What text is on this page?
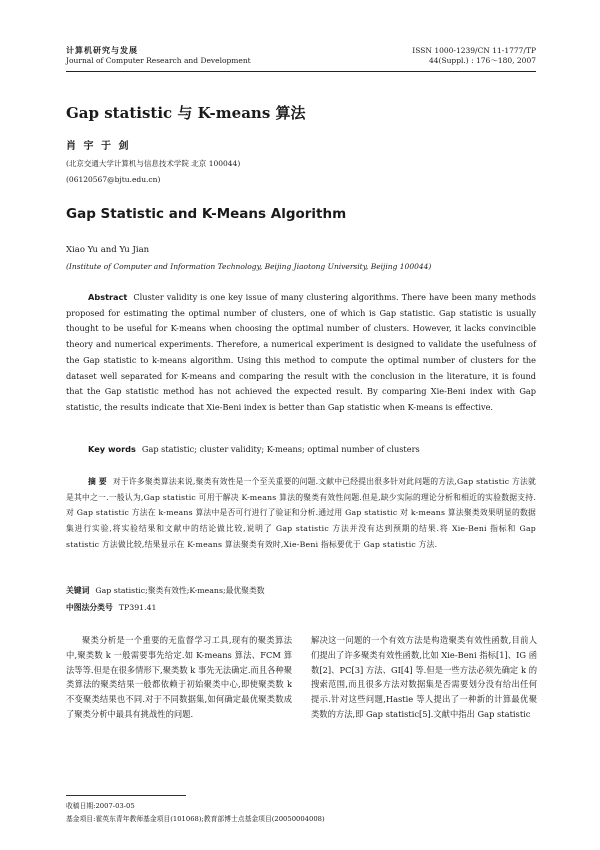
计算机研究与发展
Journal of Computer Research and Development
ISSN 1000-1239/CN 11-1777/TP
44(Suppl.) : 176～180, 2007
Gap statistic 与 K-means 算法
肖 宇 于 剑
(北京交通大学计算机与信息技术学院 北京 100044)
(06120567@bjtu.edu.cn)
Gap Statistic and K-Means Algorithm
Xiao Yu and Yu Jian
(Institute of Computer and Information Technology, Beijing Jiaotong University, Beijing 100044)
Abstract Cluster validity is one key issue of many clustering algorithms. There have been many methods proposed for estimating the optimal number of clusters, one of which is Gap statistic. Gap statistic is usually thought to be useful for K-means when choosing the optimal number of clusters. However, it lacks convincible theory and numerical experiments. Therefore, a numerical experiment is designed to validate the usefulness of the Gap statistic to k-means algorithm. Using this method to compute the optimal number of clusters for the dataset well separated for K-means and comparing the result with the conclusion in the literature, it is found that the Gap statistic method has not achieved the expected result. By comparing Xie-Beni index with Gap statistic, the results indicate that Xie-Beni index is better than Gap statistic when K-means is effective.
Key words Gap statistic; cluster validity; K-means; optimal number of clusters
摘 要 对于许多聚类算法来说,聚类有效性是一个至关重要的问题.文献中已经提出很多针对此问题的方法,Gap statistic 方法就是其中之一.一般认为,Gap statistic 可用于解决 K-means 算法的聚类有效性问题.但是,缺少实际的理论分析和相近的实验数据支持.对 Gap statistic 方法在 k-means 算法中是否可行进行了验证和分析.通过用 Gap statistic 对 k-means 算法聚类效果明显的数据集进行实验,将实验结果和文献中的结论做比较,说明了 Gap statistic 方法并没有达到预期的结果.将 Xie-Beni 指标和 Gap statistic 方法做比较,结果显示在 K-means 算法聚类有效时,Xie-Beni 指标要优于 Gap statistic 方法.
关键词 Gap statistic;聚类有效性;K-means;最优聚类数
中图法分类号 TP391.41
聚类分析是一个重要的无监督学习工具,现有的聚类算法中,聚类数 k 一般需要事先给定.如 K-means 算法、FCM 算法等等.但是在很多情形下,聚类数 k 事先无法确定.而且各种聚类算法的聚类结果一般都依赖于初始聚类中心,即使聚类数 k 不变聚类结果也不同.对于不同数据集,如何确定最优聚类数成了聚类分析中最具有挑战性的问题.
解决这一问题的一个有效方法是构造聚类有效性函数,目前人们提出了许多聚类有效性函数,比如 Xie-Beni 指标[1]、IG 函数[2]、PC[3] 方法、GI[4] 等.但是一些方法必须先确定 k 的搜索范围,而且很多方法对数据集是否需要划分没有给出任何提示.针对这些问题,Hastie 等人提出了一种新的计算最优聚类数的方法,即 Gap statistic[5].文献中指出 Gap statistic
收稿日期:2007-03-05
基金项目:霍英东青年教师基金项目(101068);教育部博士点基金项目(20050004008)
